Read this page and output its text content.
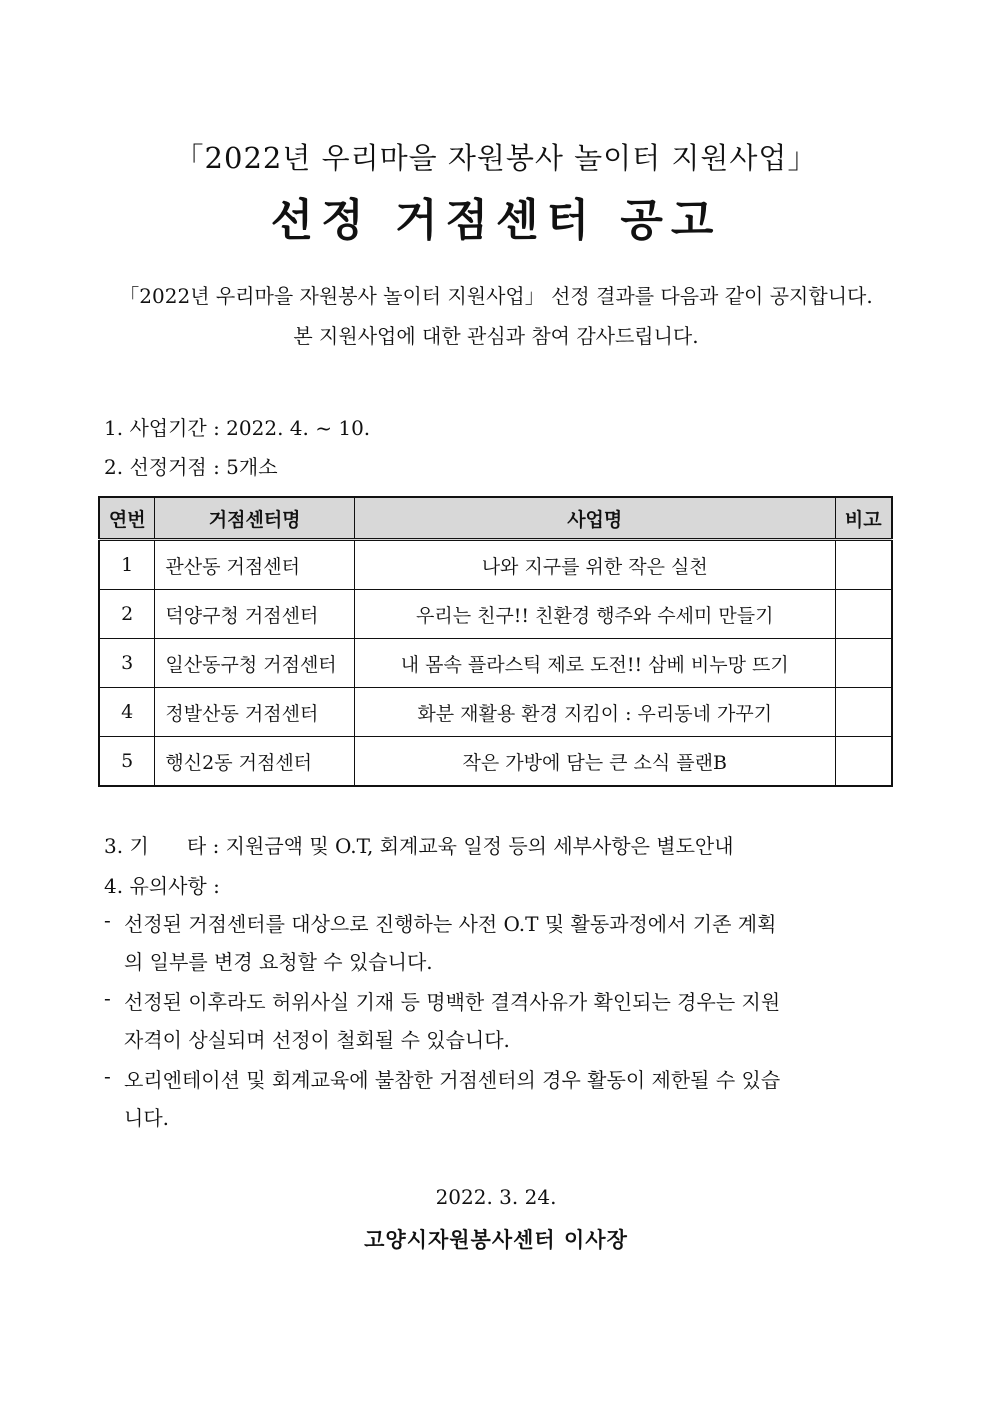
「2022년 우리마을 자원봉사 놀이터 지원사업」
선정 거점센터 공고
「2022년 우리마을 자원봉사 놀이터 지원사업」 선정 결과를 다음과 같이 공지합니다.
본 지원사업에 대한 관심과 참여 감사드립니다.
1. 사업기간 : 2022. 4. ~ 10.
2. 선정거점 : 5개소
연번	거점센터명	사업명	비고
1	관산동 거점센터	나와 지구를 위한 작은 실천	
2	덕양구청 거점센터	우리는 친구!! 친환경 행주와 수세미 만들기	
3	일산동구청 거점센터	내 몸속 플라스틱 제로 도전!! 삼베 비누망 뜨기	
4	정발산동 거점센터	화분 재활용 환경 지킴이 : 우리동네 가꾸기	
5	행신2동 거점센터	작은 가방에 담는 큰 소식 플랜B	
3. 기      타 : 지원금액 및 O.T, 회계교육 일정 등의 세부사항은 별도안내
4. 유의사항 :
- 선정된 거점센터를 대상으로 진행하는 사전 O.T 및 활동과정에서 기존 계획
의 일부를 변경 요청할 수 있습니다.
- 선정된 이후라도 허위사실 기재 등 명백한 결격사유가 확인되는 경우는 지원
자격이 상실되며 선정이 철회될 수 있습니다.
- 오리엔테이션 및 회계교육에 불참한 거점센터의 경우 활동이 제한될 수 있습
니다.
2022. 3. 24.
고양시자원봉사센터 이사장
